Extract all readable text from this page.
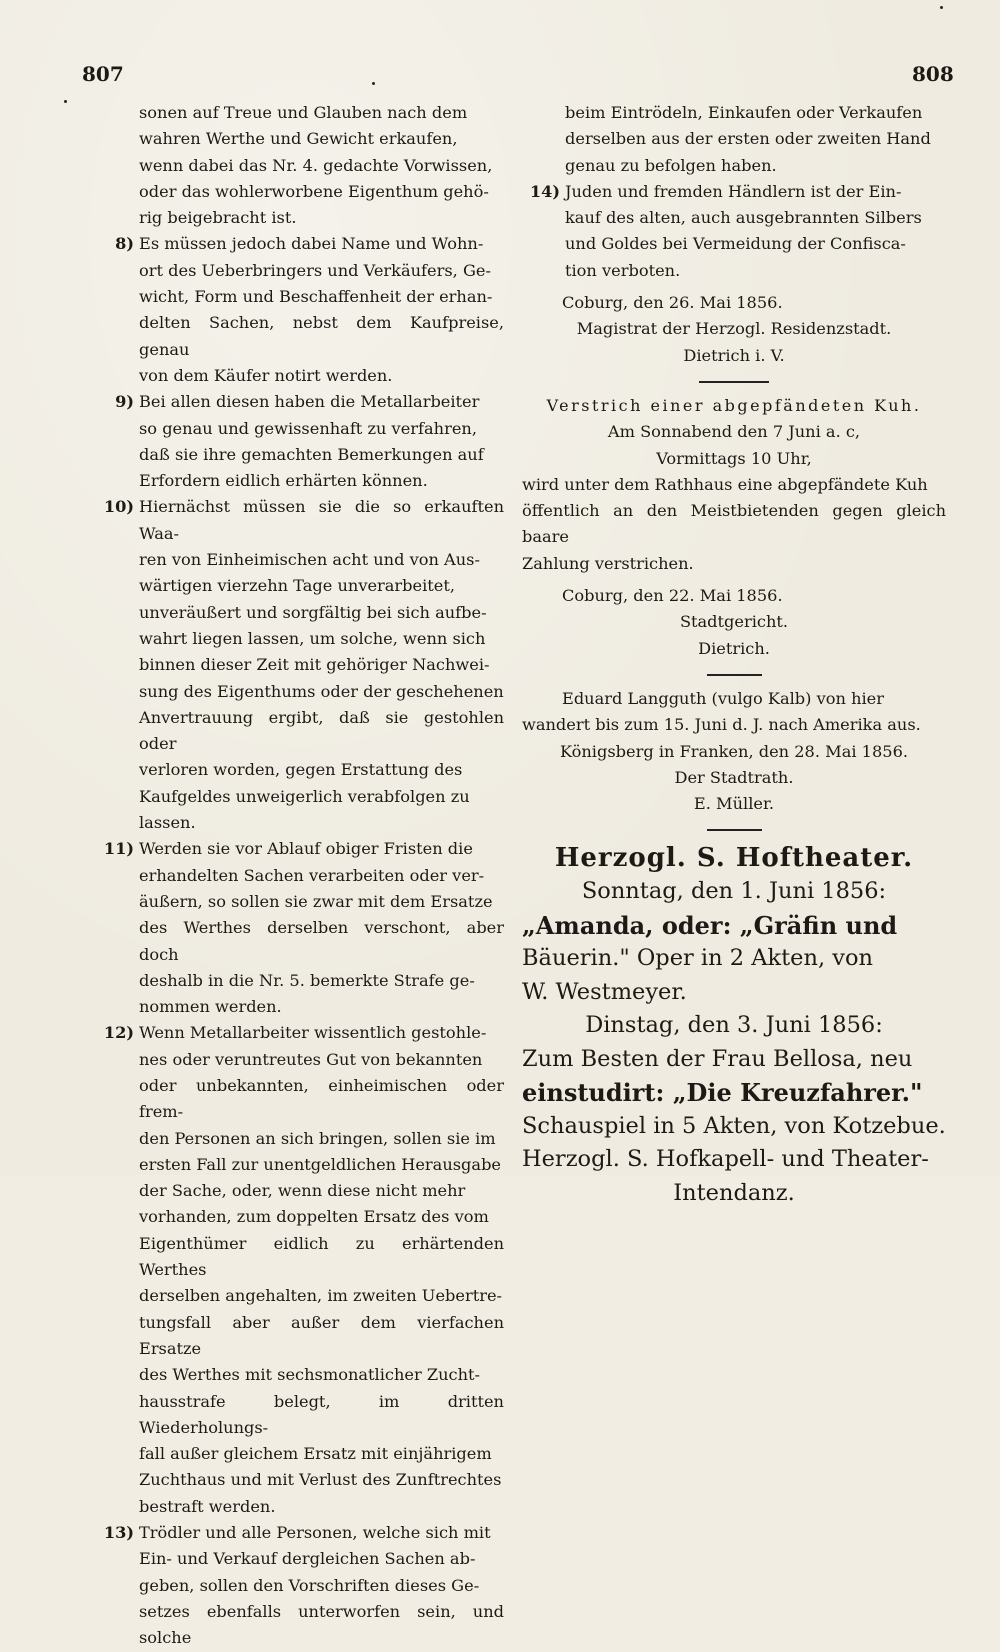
807	808
sonen auf Treue und Glauben nach dem
wahren Werthe und Gewicht erkaufen,
wenn dabei das Nr. 4. gedachte Vorwissen,
oder das wohlerworbene Eigenthum gehö-
rig beigebracht ist.
8) Es müssen jedoch dabei Name und Wohn-
ort des Ueberbringers und Verkäufers, Ge-
wicht, Form und Beschaffenheit der erhan-
delten Sachen, nebst dem Kaufpreise, genau
von dem Käufer notirt werden.
9) Bei allen diesen haben die Metallarbeiter
so genau und gewissenhaft zu verfahren,
daß sie ihre gemachten Bemerkungen auf
Erfordern eidlich erhärten können.
10) Hiernächst müssen sie die so erkauften Waa-
ren von Einheimischen acht und von Aus-
wärtigen vierzehn Tage unverarbeitet,
unveräußert und sorgfältig bei sich aufbe-
wahrt liegen lassen, um solche, wenn sich
binnen dieser Zeit mit gehöriger Nachwei-
sung des Eigenthums oder der geschehenen
Anvertrauung ergibt, daß sie gestohlen oder
verloren worden, gegen Erstattung des
Kaufgeldes unweigerlich verabfolgen zu
lassen.
11) Werden sie vor Ablauf obiger Fristen die
erhandelten Sachen verarbeiten oder ver-
äußern, so sollen sie zwar mit dem Ersatze
des Werthes derselben verschont, aber doch
deshalb in die Nr. 5. bemerkte Strafe ge-
nommen werden.
12) Wenn Metallarbeiter wissentlich gestohle-
nes oder veruntreutes Gut von bekannten
oder unbekannten, einheimischen oder frem-
den Personen an sich bringen, sollen sie im
ersten Fall zur unentgeldlichen Herausgabe
der Sache, oder, wenn diese nicht mehr
vorhanden, zum doppelten Ersatz des vom
Eigenthümer eidlich zu erhärtenden Werthes
derselben angehalten, im zweiten Uebertre-
tungsfall aber außer dem vierfachen Ersatze
des Werthes mit sechsmonatlicher Zucht-
hausstrafe belegt, im dritten Wiederholungs-
fall außer gleichem Ersatz mit einjährigem
Zuchthaus und mit Verlust des Zunftrechtes
bestraft werden.
13) Trödler und alle Personen, welche sich mit
Ein- und Verkauf dergleichen Sachen ab-
geben, sollen den Vorschriften dieses Ge-
setzes ebenfalls unterworfen sein, und solche
beim Eintrödeln, Einkaufen oder Verkaufen
derselben aus der ersten oder zweiten Hand
genau zu befolgen haben.
14) Juden und fremden Händlern ist der Ein-
kauf des alten, auch ausgebrannten Silbers
und Goldes bei Vermeidung der Confisca-
tion verboten.
Coburg, den 26. Mai 1856.
Magistrat der Herzogl. Residenzstadt.
Dietrich i. V.
Verstrich einer abgepfändeten Kuh.
Am Sonnabend den 7 Juni a. c,
Vormittags 10 Uhr,
wird unter dem Rathhaus eine abgepfändete Kuh
öffentlich an den Meistbietenden gegen gleich baare
Zahlung verstrichen.
Coburg, den 22. Mai 1856.
Stadtgericht.
Dietrich.
Eduard Langguth (vulgo Kalb) von hier
wandert bis zum 15. Juni d. J. nach Amerika aus.
Königsberg in Franken, den 28. Mai 1856.
Der Stadtrath.
E. Müller.
Herzogl. S. Hoftheater.
Sonntag, den 1. Juni 1856:
„Amanda, oder: „Gräfin und
Bäuerin." Oper in 2 Akten, von
W. Westmeyer.
Dinstag, den 3. Juni 1856:
Zum Besten der Frau Bellosa, neu
einstudirt: „Die Kreuzfahrer."
Schauspiel in 5 Akten, von Kotzebue.
Herzogl. S. Hofkapell- und Theater-
Intendanz.
